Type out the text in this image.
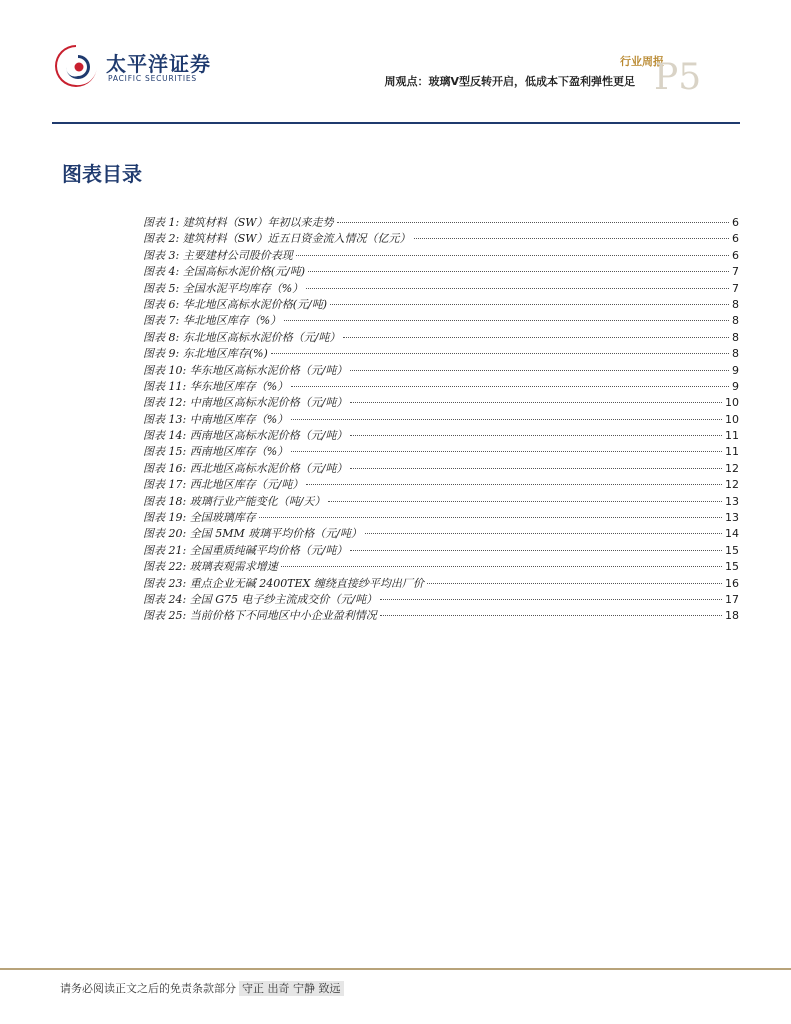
太平洋证券
PACIFIC SECURITIES
行业周报
周观点：玻璃V型反转开启，低成本下盈利弹性更足 P5
图表目录
图表 1: 建筑材料（SW）年初以来走势	6
图表 2: 建筑材料（SW）近五日资金流入情况（亿元）	6
图表 3: 主要建材公司股价表现	6
图表 4: 全国高标水泥价格(元/吨)	7
图表 5: 全国水泥平均库存（%）	7
图表 6: 华北地区高标水泥价格(元/吨)	8
图表 7: 华北地区库存（%）	8
图表 8: 东北地区高标水泥价格（元/吨）	8
图表 9: 东北地区库存(%)	8
图表 10: 华东地区高标水泥价格（元/吨）	9
图表 11: 华东地区库存（%）	9
图表 12: 中南地区高标水泥价格（元/吨）	10
图表 13: 中南地区库存（%）	10
图表 14: 西南地区高标水泥价格（元/吨）	11
图表 15: 西南地区库存（%）	11
图表 16: 西北地区高标水泥价格（元/吨）	12
图表 17: 西北地区库存（元/吨）	12
图表 18: 玻璃行业产能变化（吨/天）	13
图表 19: 全国玻璃库存	13
图表 20: 全国 5MM 玻璃平均价格（元/吨）	14
图表 21: 全国重质纯碱平均价格（元/吨）	15
图表 22: 玻璃表观需求增速	15
图表 23: 重点企业无碱 2400TEX 缠绕直接纱平均出厂价	16
图表 24: 全国 G75 电子纱主流成交价（元/吨）	17
图表 25: 当前价格下不同地区中小企业盈利情况	18
请务必阅读正文之后的免责条款部分 守正 出奇 宁静 致远
